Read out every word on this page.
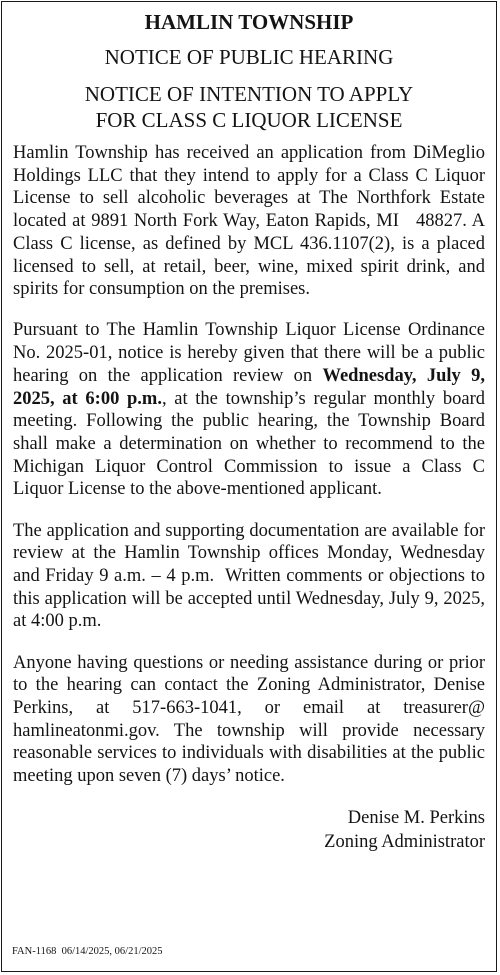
HAMLIN TOWNSHIP
NOTICE OF PUBLIC HEARING
NOTICE OF INTENTION TO APPLY
FOR CLASS C LIQUOR LICENSE

Hamlin Township has received an application from DiMeglio Holdings LLC that they intend to apply for a Class C Liquor License to sell alcoholic beverages at The Northfork Estate located at 9891 North Fork Way, Eaton Rapids, MI   48827. A Class C license, as defined by MCL 436.1107(2), is a placed licensed to sell, at retail, beer, wine, mixed spirit drink, and spirits for consumption on the premises.

Pursuant to The Hamlin Township Liquor License Ordinance No. 2025-01, notice is hereby given that there will be a public hearing on the application review on Wednesday, July 9, 2025, at 6:00 p.m., at the township’s regular monthly board meeting. Following the public hearing, the Township Board shall make a determination on whether to recommend to the Michigan Liquor Control Commission to issue a Class C Liquor License to the above-mentioned applicant.

The application and supporting documentation are available for review at the Hamlin Township offices Monday, Wednesday and Friday 9 a.m. – 4 p.m.  Written comments or objections to this application will be accepted until Wednesday, July 9, 2025, at 4:00 p.m.

Anyone having questions or needing assistance during or prior to the hearing can contact the Zoning Administrator, Denise Perkins, at 517-663-1041, or email at treasurer@​hamlineatonmi.gov. The township will provide necessary reasonable services to individuals with disabilities at the public meeting upon seven (7) days’ notice.

Denise M. Perkins
Zoning Administrator
FAN-1168  06/14/2025, 06/21/2025
